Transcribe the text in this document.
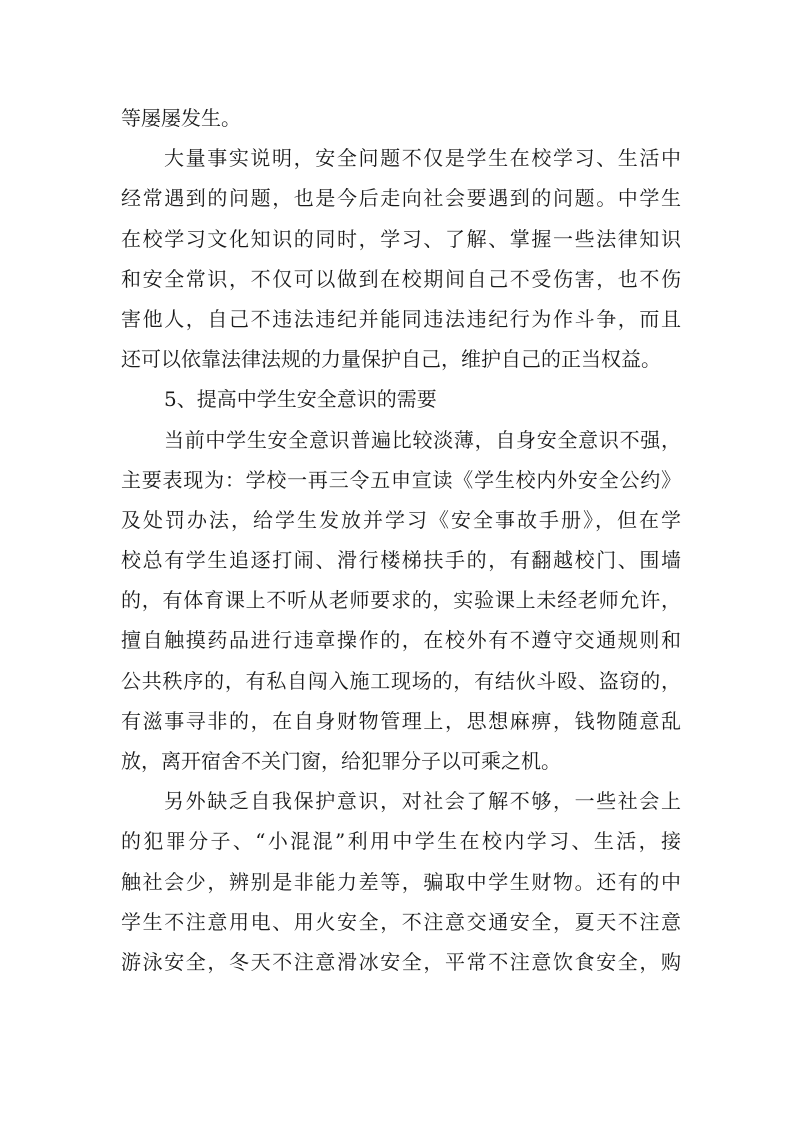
等屡屡发生。
大量事实说明，安全问题不仅是学生在校学习、生活中
经常遇到的问题，也是今后走向社会要遇到的问题。中学生
在校学习文化知识的同时，学习、了解、掌握一些法律知识
和安全常识，不仅可以做到在校期间自己不受伤害，也不伤
害他人，自己不违法违纪并能同违法违纪行为作斗争，而且
还可以依靠法律法规的力量保护自己，维护自己的正当权益。
5、提高中学生安全意识的需要
当前中学生安全意识普遍比较淡薄，自身安全意识不强，
主要表现为：学校一再三令五申宣读《学生校内外安全公约》
及处罚办法，给学生发放并学习《安全事故手册》，但在学
校总有学生追逐打闹、滑行楼梯扶手的，有翻越校门、围墙
的，有体育课上不听从老师要求的，实验课上未经老师允许，
擅自触摸药品进行违章操作的，在校外有不遵守交通规则和
公共秩序的，有私自闯入施工现场的，有结伙斗殴、盗窃的，
有滋事寻非的，在自身财物管理上，思想麻痹，钱物随意乱
放，离开宿舍不关门窗，给犯罪分子以可乘之机。
另外缺乏自我保护意识，对社会了解不够，一些社会上
的犯罪分子、“小混混”利用中学生在校内学习、生活，接
触社会少，辨别是非能力差等，骗取中学生财物。还有的中
学生不注意用电、用火安全，不注意交通安全，夏天不注意
游泳安全，冬天不注意滑冰安全，平常不注意饮食安全，购
